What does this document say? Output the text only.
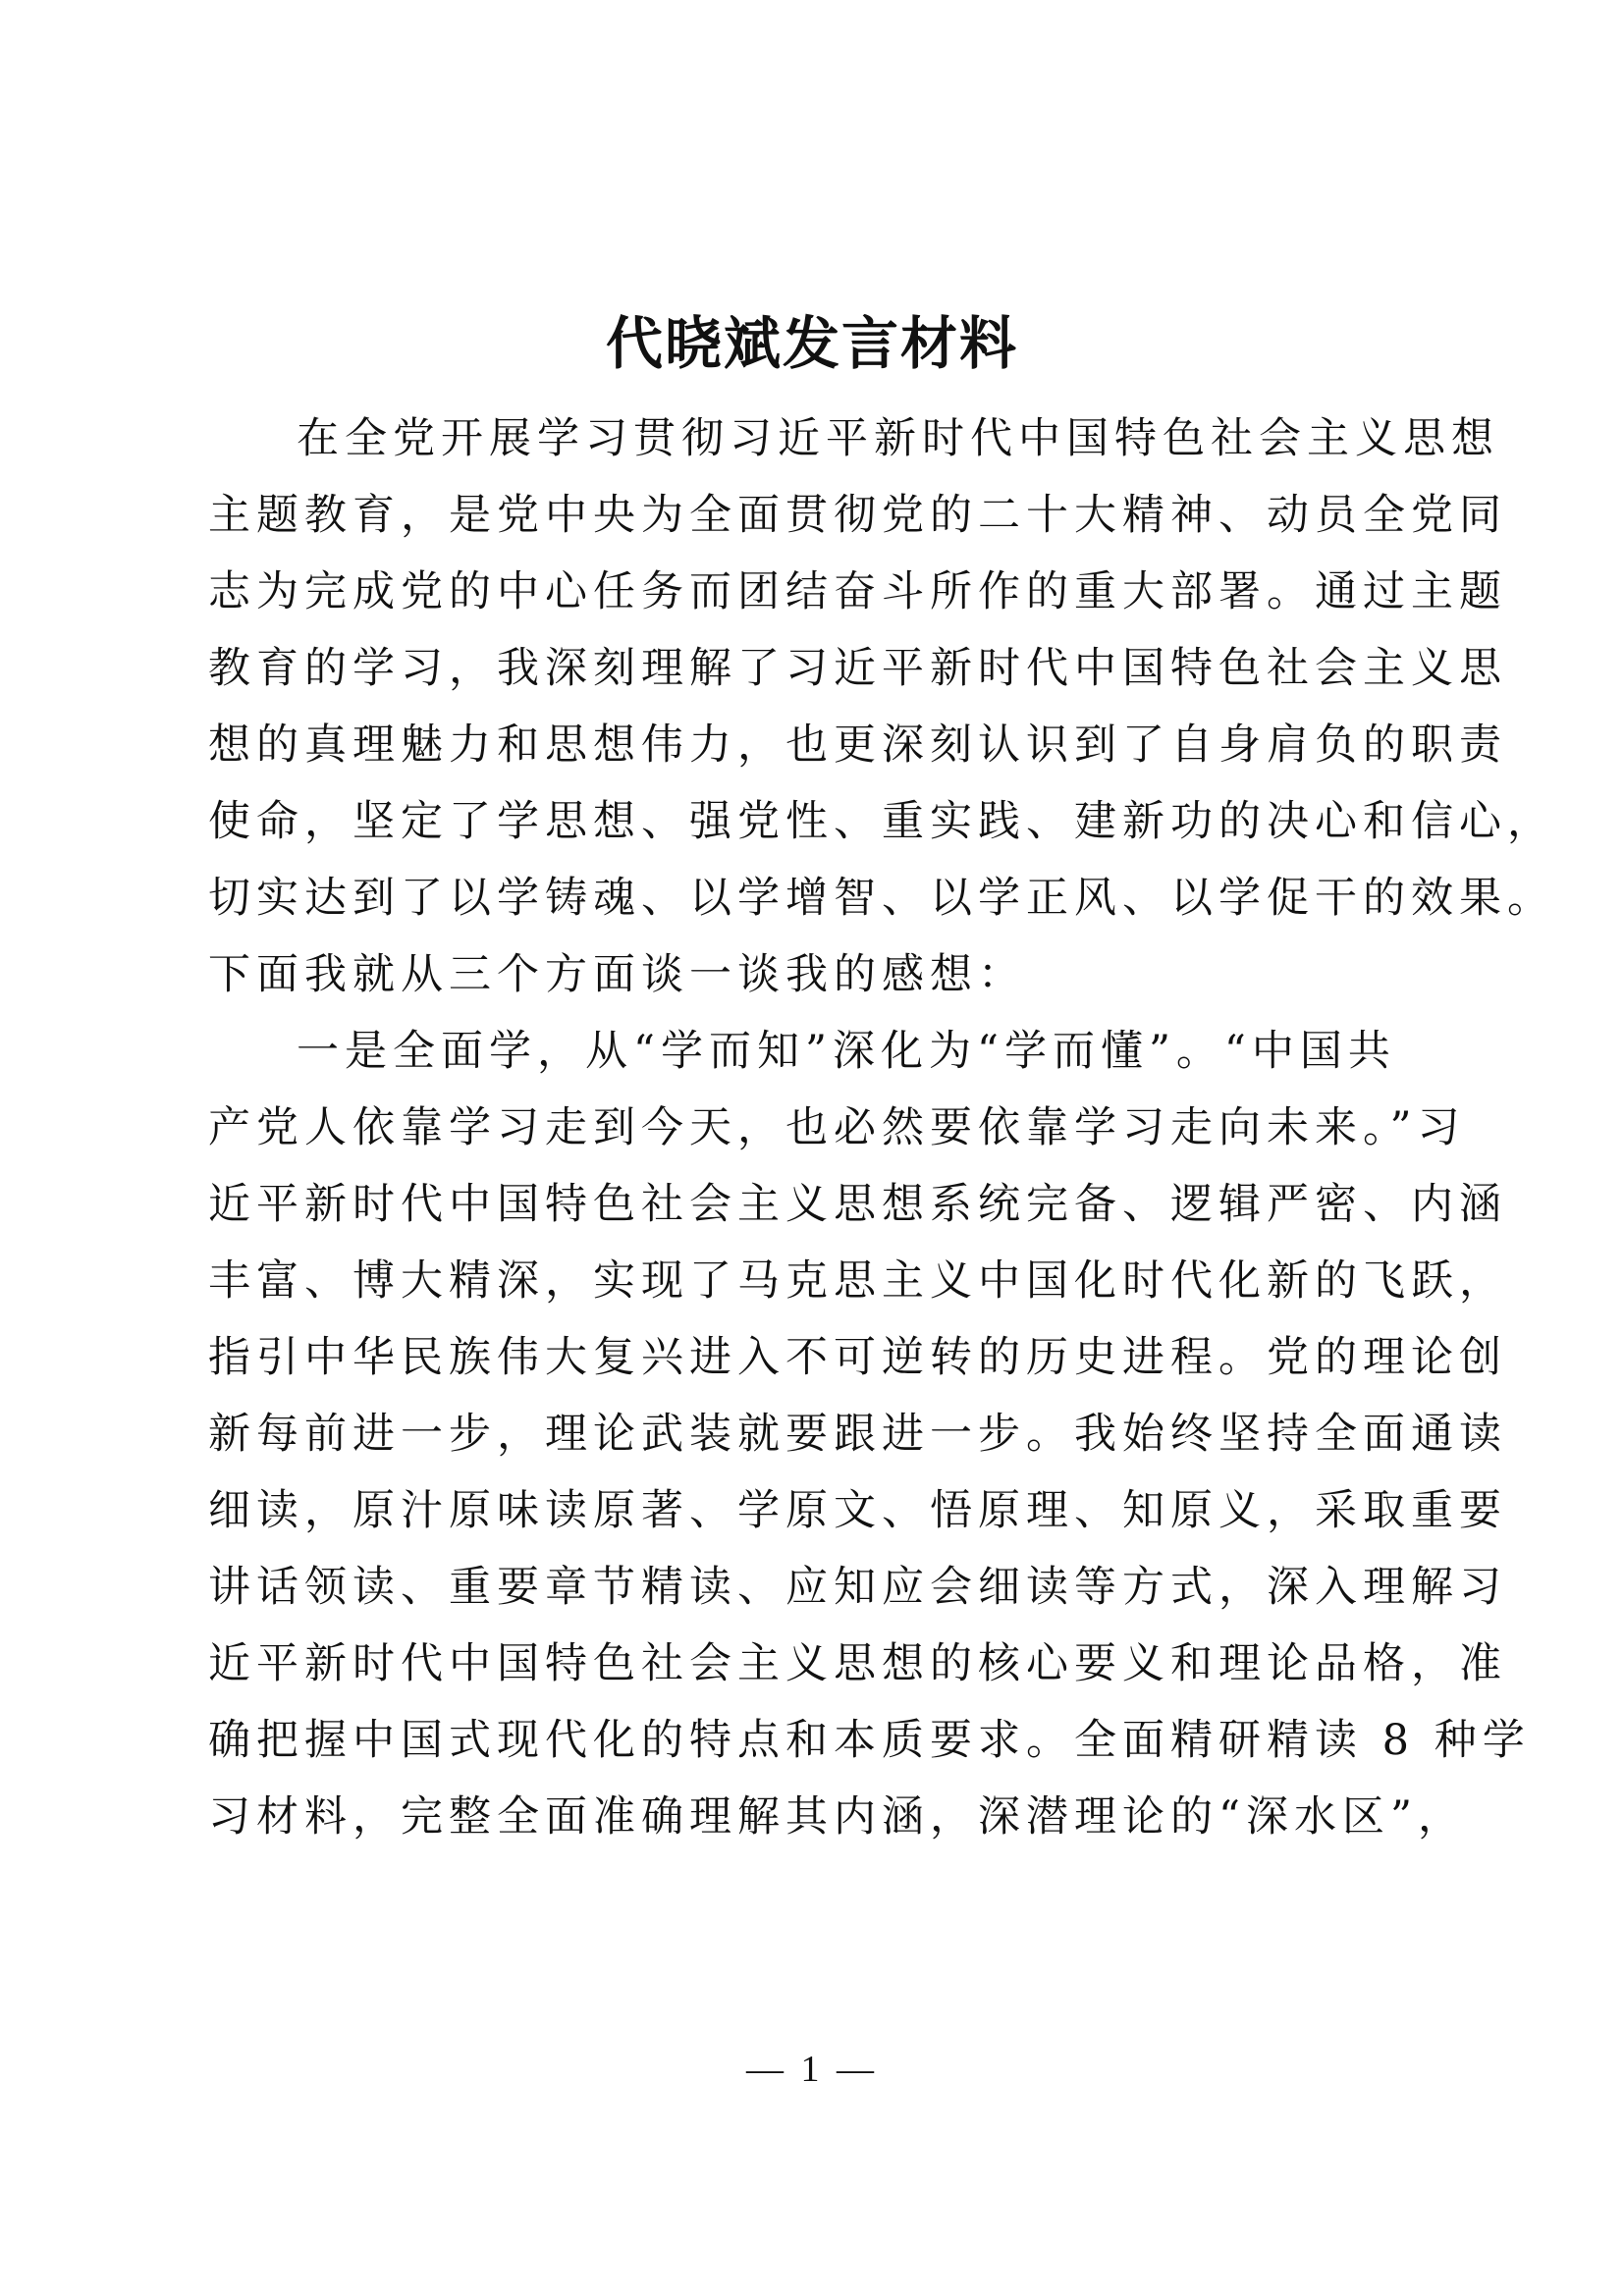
代晓斌发言材料
在全党开展学习贯彻习近平新时代中国特色社会主义思想
主题教育，是党中央为全面贯彻党的二十大精神、动员全党同
志为完成党的中心任务而团结奋斗所作的重大部署。通过主题
教育的学习，我深刻理解了习近平新时代中国特色社会主义思
想的真理魅力和思想伟力，也更深刻认识到了自身肩负的职责
使命，坚定了学思想、强党性、重实践、建新功的决心和信心，
切实达到了以学铸魂、以学增智、以学正风、以学促干的效果。
下面我就从三个方面谈一谈我的感想：
一是全面学，从“学而知”深化为“学而懂”。“中国共
产党人依靠学习走到今天，也必然要依靠学习走向未来。”习
近平新时代中国特色社会主义思想系统完备、逻辑严密、内涵
丰富、博大精深，实现了马克思主义中国化时代化新的飞跃，
指引中华民族伟大复兴进入不可逆转的历史进程。党的理论创
新每前进一步，理论武装就要跟进一步。我始终坚持全面通读
细读，原汁原味读原著、学原文、悟原理、知原义，采取重要
讲话领读、重要章节精读、应知应会细读等方式，深入理解习
近平新时代中国特色社会主义思想的核心要义和理论品格，准
确把握中国式现代化的特点和本质要求。全面精研精读 8 种学
习材料，完整全面准确理解其内涵，深潜理论的“深水区”，
— 1 —
